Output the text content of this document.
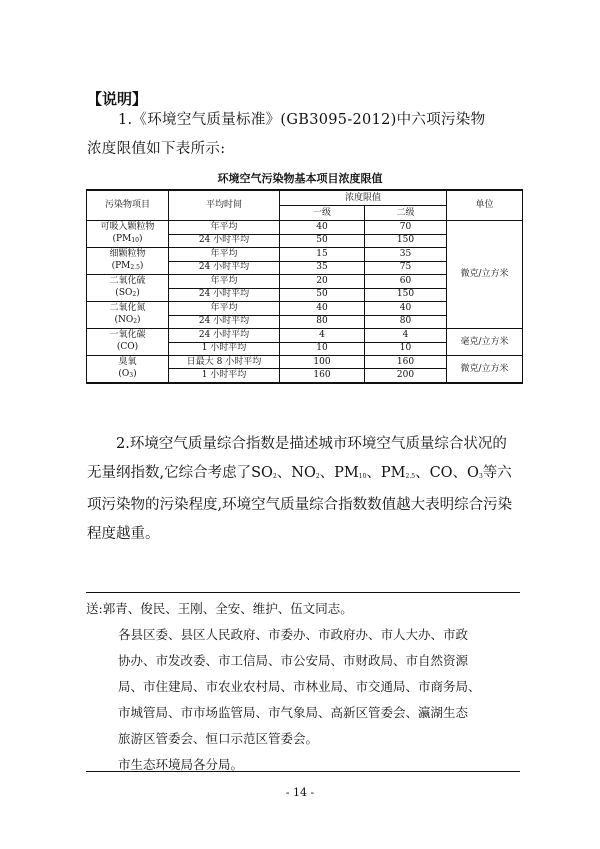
【说明】
1.《环境空气质量标准》(GB3095-2012)中六项污染物
浓度限值如下表所示:
环境空气污染物基本项目浓度限值
污染物项目	平均时间	浓度限值		单位
		一级	二级	

可吸入颗粒物
$(PM_{10})$	年平均	40	70	微克/立方米
	24 小时平均	50	150	

细颗粒物
$(PM_{2.5})$	年平均	15	35	
	24 小时平均	35	75	

二氧化硫
$(SO_2)$	年平均	20	60	
	24 小时平均	50	150	

二氧化氮
$(NO_2)$	年平均	40	40	
	24 小时平均	80	80	

一氧化碳
(CO)	24 小时平均	4	4	毫克/立方米
	1 小时平均	10	10	

臭氧
$(O_3)$	日最大 8 小时平均	100	160	微克/立方米
	1 小时平均	160	200	
2.环境空气质量综合指数是描述城市环境空气质量综合状况的无量纲指数,它综合考虑了$SO_2$、$NO_2$、$PM_{10}$、$PM_{2.5}$、CO、$O_3$等六项污染物的污染程度,环境空气质量综合指数数值越大表明综合污染程度越重。
送:郭青、俊民、王刚、全安、维护、伍文同志。
各县区委、县区人民政府、市委办、市政府办、市人大办、市政
协办、市发改委、市工信局、市公安局、市财政局、市自然资源
局、市住建局、市农业农村局、市林业局、市交通局、市商务局、
市城管局、市市场监管局、市气象局、高新区管委会、瀛湖生态
旅游区管委会、恒口示范区管委会。
市生态环境局各分局。
- 14 -
